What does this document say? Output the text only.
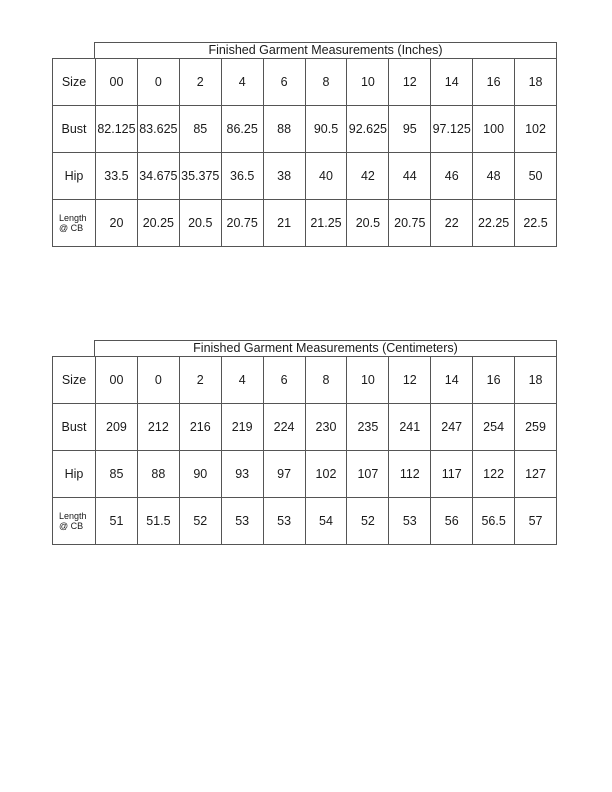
Finished Garment Measurements (Inches)
Size	00	0	2	4	6	8	10	12	14	16	18
Bust	82.125	83.625	85	86.25	88	90.5	92.625	95	97.125	100	102
Hip	33.5	34.675	35.375	36.5	38	40	42	44	46	48	50
Length @ CB	20	20.25	20.5	20.75	21	21.25	20.5	20.75	22	22.25	22.5
Finished Garment Measurements (Centimeters)
Size	00	0	2	4	6	8	10	12	14	16	18
Bust	209	212	216	219	224	230	235	241	247	254	259
Hip	85	88	90	93	97	102	107	112	117	122	127
Length @ CB	51	51.5	52	53	53	54	52	53	56	56.5	57
